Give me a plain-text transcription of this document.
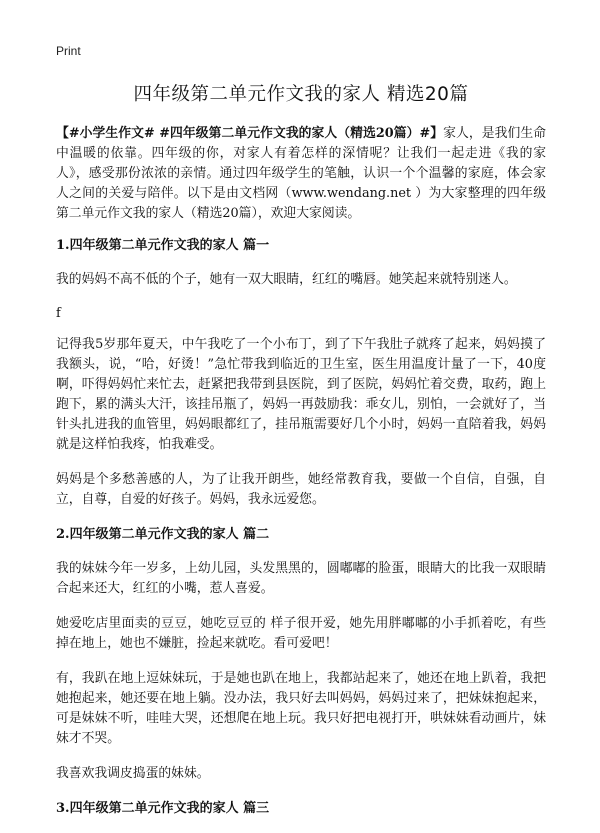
Print
四年级第二单元作文我的家人 精选20篇

【#小学生作文# #四年级第二单元作文我的家人（精选20篇）#】家人，是我们生命中温暖的依靠。四年级的你，对家人有着怎样的深情呢？让我们一起走进《我的家人》，感受那份浓浓的亲情。通过四年级学生的笔触，认识一个个温馨的家庭，体会家人之间的关爱与陪伴。以下是由文档网（www.wendang.net ）为大家整理的四年级第二单元作文我的家人（精选20篇），欢迎大家阅读。

1.四年级第二单元作文我的家人 篇一

我的妈妈不高不低的个子，她有一双大眼睛，红红的嘴唇。她笑起来就特别迷人。

f

记得我5岁那年夏天，中午我吃了一个小布丁，到了下午我肚子就疼了起来，妈妈摸了我额头，说，“哈，好烫！”急忙带我到临近的卫生室，医生用温度计量了一下，40度啊，吓得妈妈忙来忙去，赶紧把我带到县医院，到了医院，妈妈忙着交费，取药，跑上跑下，累的满头大汗，该挂吊瓶了，妈妈一再鼓励我：乖女儿，别怕，一会就好了，当针头扎进我的血管里，妈妈眼都红了，挂吊瓶需要好几个小时，妈妈一直陪着我，妈妈就是这样怕我疼，怕我难受。

妈妈是个多愁善感的人，为了让我开朗些，她经常教育我，要做一个自信，自强，自立，自尊，自爱的好孩子。妈妈，我永远爱您。

2.四年级第二单元作文我的家人 篇二

我的妹妹今年一岁多，上幼儿园，头发黑黑的，圆嘟嘟的脸蛋，眼睛大的比我一双眼睛合起来还大，红红的小嘴，惹人喜爱。

她爱吃店里面卖的豆豆，她吃豆豆的 样子很开爱，她先用胖嘟嘟的小手抓着吃，有些掉在地上，她也不嫌脏，捡起来就吃。看可爱吧！

有，我趴在地上逗妹妹玩，于是她也趴在地上，我都站起来了，她还在地上趴着，我把她抱起来，她还要在地上躺。没办法，我只好去叫妈妈，妈妈过来了，把妹妹抱起来，可是妹妹不听，哇哇大哭，还想爬在地上玩。我只好把电视打开，哄妹妹看动画片，妹妹才不哭。

我喜欢我调皮捣蛋的妹妹。

3.四年级第二单元作文我的家人 篇三
